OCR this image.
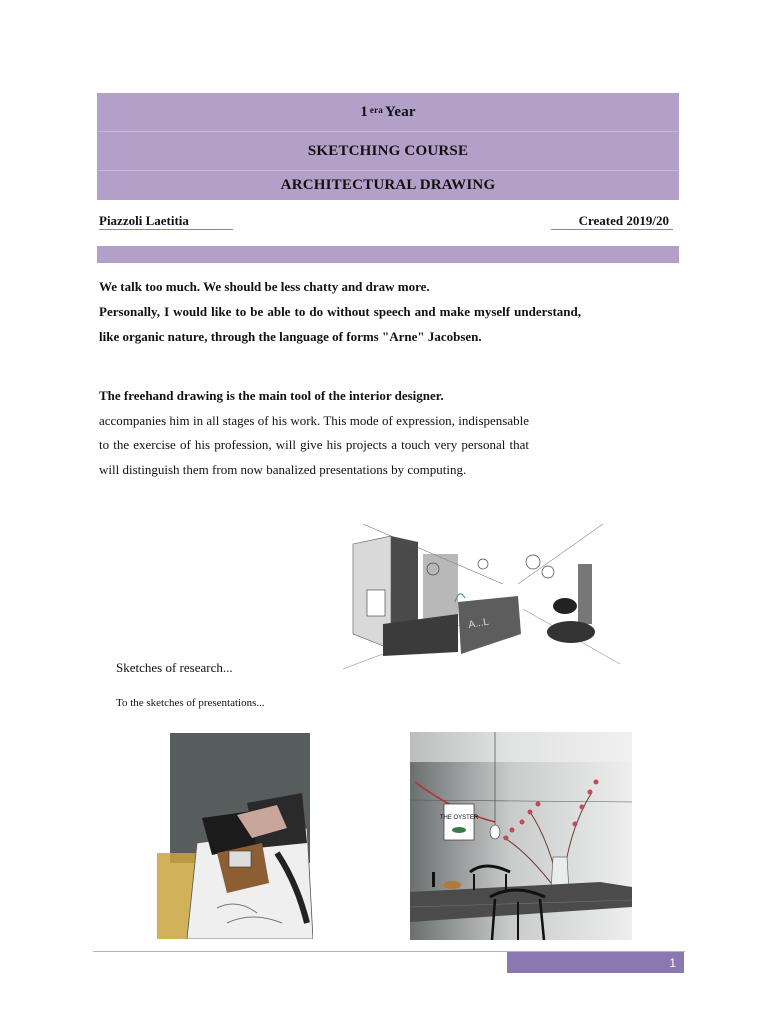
$1^{era}$ Year
SKETCHING COURSE
ARCHITECTURAL DRAWING
Piazzoli Laetitia	Created 2019/20

We talk too much. We should be less chatty and draw more.

Personally, I would like to be able to do without speech and make myself understand, like organic nature, through the language of forms "Arne" Jacobsen.

The freehand drawing is the main tool of the interior designer.
accompanies him in all stages of his work. This mode of expression, indispensable to the exercise of his profession, will give his projects a touch very personal that will distinguish them from now banalized presentations by computing.
A...L
Sketches of research...
To the sketches of presentations...
THE OYSTER
1
